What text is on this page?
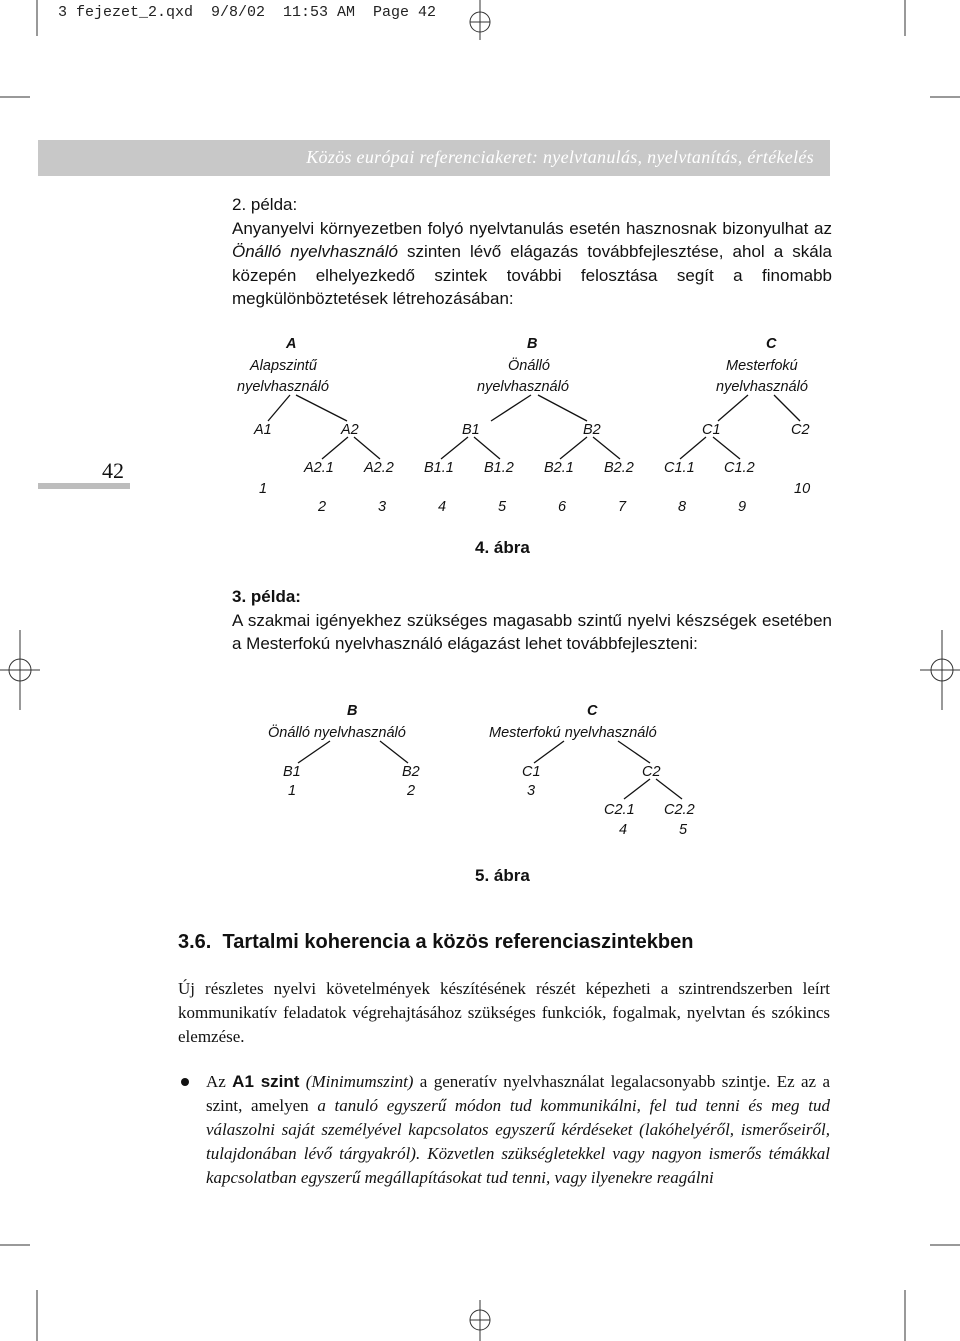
3 fejezet_2.qxd  9/8/02  11:53 AM  Page 42
Közös európai referenciakeret: nyelvtanulás, nyelvtanítás, értékelés
42
2. példa:
Anyanyelvi környezetben folyó nyelvtanulás esetén hasznosnak bizonyulhat az Önálló nyelvhasználó szinten lévő elágazás továbbfejlesztése, ahol a skála közepén elhelyezkedő szintek további felosztása segít a finomabb megkülönböztetések létrehozásában:
A
Alapszintű
nyelvhasználó
B
Önálló
nyelvhasználó
C
Mesterfokú
nyelvhasználó
A1	A2	B1	B2	C1	C2
A2.1 A2.2 B1.1 B1.2 B2.1 B2.2 C1.1 C1.2
1
2	3	4	5	6	7	8	9
10
4. ábra
3. példa:
A szakmai igényekhez szükséges magasabb szintű nyelvi készségek esetében a Mesterfokú nyelvhasználó elágazást lehet továbbfejleszteni:
B
Önálló nyelvhasználó
C
Mesterfokú nyelvhasználó
B1	B2	C1	C2
1	2	3
C2.1 C2.2
4	5
5. ábra
3.6. Tartalmi koherencia a közös referenciaszintekben
Új részletes nyelvi követelmények készítésének részét képezheti a szintrendszerben leírt kommunikatív feladatok végrehajtásához szükséges funkciók, fogalmak, nyelvtan és szókincs elemzése.
Az A1 szint (Minimumszint) a generatív nyelvhasználat legalacsonyabb szintje. Ez az a szint, amelyen a tanuló egyszerű módon tud kommunikálni, fel tud tenni és meg tud válaszolni saját személyével kapcsolatos egyszerű kérdéseket (lakóhelyéről, ismerőseiről, tulajdonában lévő tárgyakról). Közvetlen szükségletekkel vagy nagyon ismerős témákkal kapcsolatban egyszerű megállapításokat tud tenni, vagy ilyenekre reagálni
